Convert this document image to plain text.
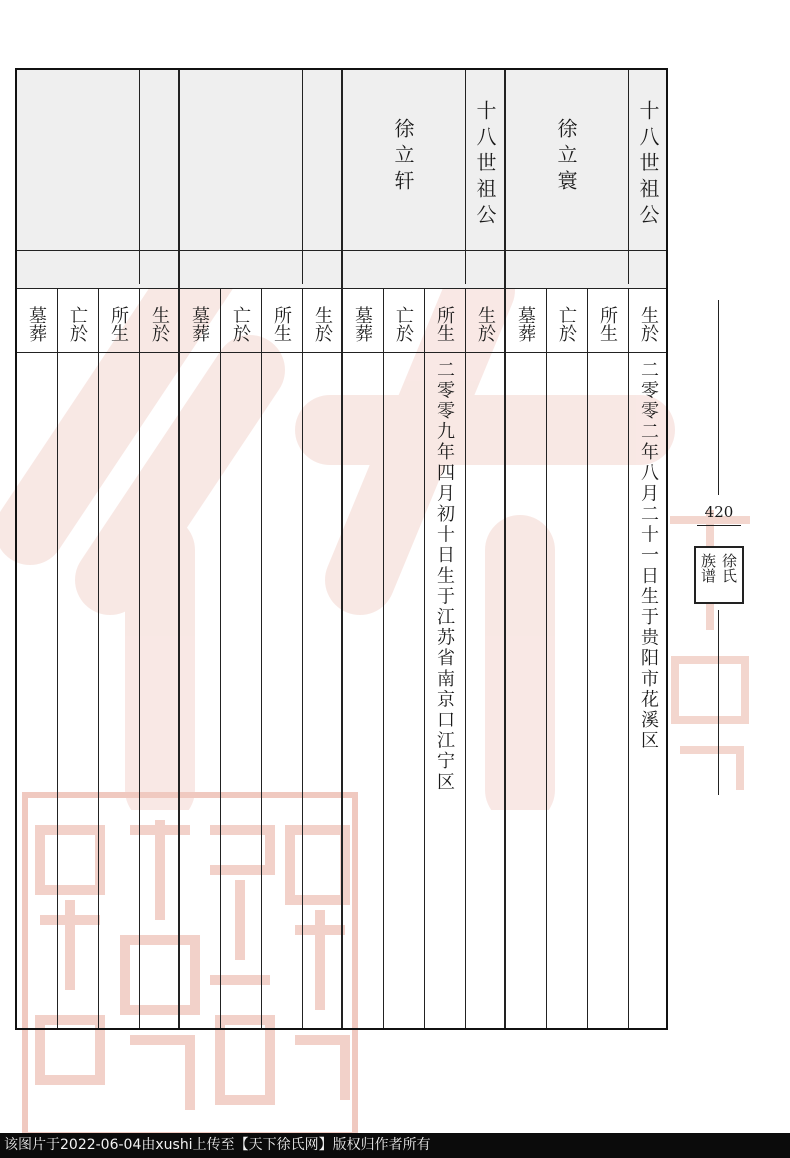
十八世祖公
徐立寰
生於
所生
亡於
墓葬
二零零二年八月二十一日生于贵阳市花溪区
十八世祖公
徐立轩
生於
所生
亡於
墓葬
二零零九年四月初十日生于江苏省南京口江宁区
生於
所生
亡於
墓葬
生於
所生
亡於
墓葬
420
徐氏
族谱
该图片于2022-06-04由xushi上传至【天下徐氏网】版权归作者所有
